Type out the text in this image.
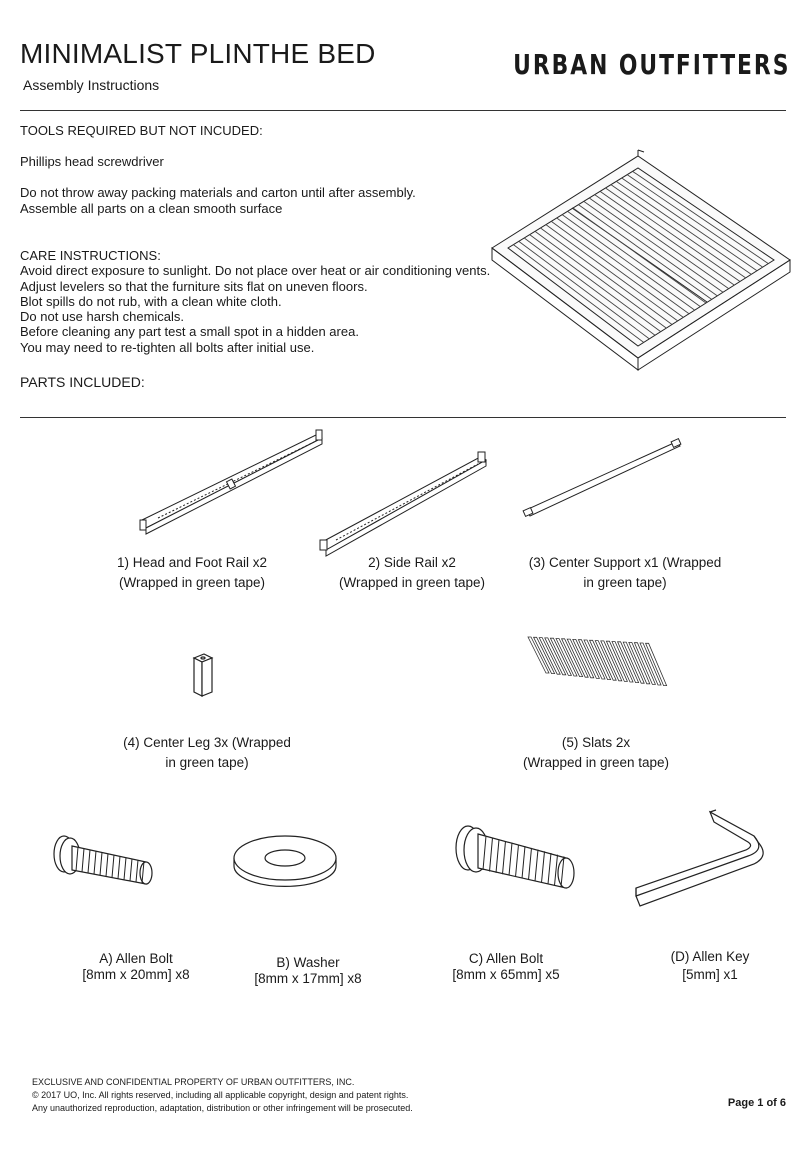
MINIMALIST PLINTHE BED
Assembly Instructions
URBAN OUTFITTERS
TOOLS REQUIRED BUT NOT INCUDED:
Phillips head screwdriver
Do not throw away packing materials and carton until after assembly.
Assemble all parts on a clean smooth surface
CARE INSTRUCTIONS:
Avoid direct exposure to sunlight. Do not place over heat or air conditioning vents.
Adjust levelers so that the furniture sits flat on uneven floors.
Blot spills do not rub, with a clean white cloth.
Do not use harsh chemicals.
Before cleaning any part test a small spot in a hidden area.
You may need to re-tighten all bolts after initial use.
PARTS INCLUDED:
1) Head and Foot Rail x2
(Wrapped in green tape)
2) Side Rail x2
(Wrapped in green tape)
(3) Center Support x1 (Wrapped
in green tape)
(4) Center Leg 3x (Wrapped
in green tape)
(5) Slats 2x
(Wrapped in green tape)
A) Allen Bolt
[8mm x 20mm] x8
B) Washer
[8mm x 17mm] x8
C) Allen Bolt
[8mm x 65mm] x5
(D) Allen Key
[5mm] x1
EXCLUSIVE AND CONFIDENTIAL PROPERTY OF URBAN OUTFITTERS, INC.
© 2017 UO, Inc. All rights reserved, including all applicable copyright, design and patent rights.
Any unauthorized reproduction, adaptation, distribution or other infringement will be prosecuted.	Page 1 of 6
